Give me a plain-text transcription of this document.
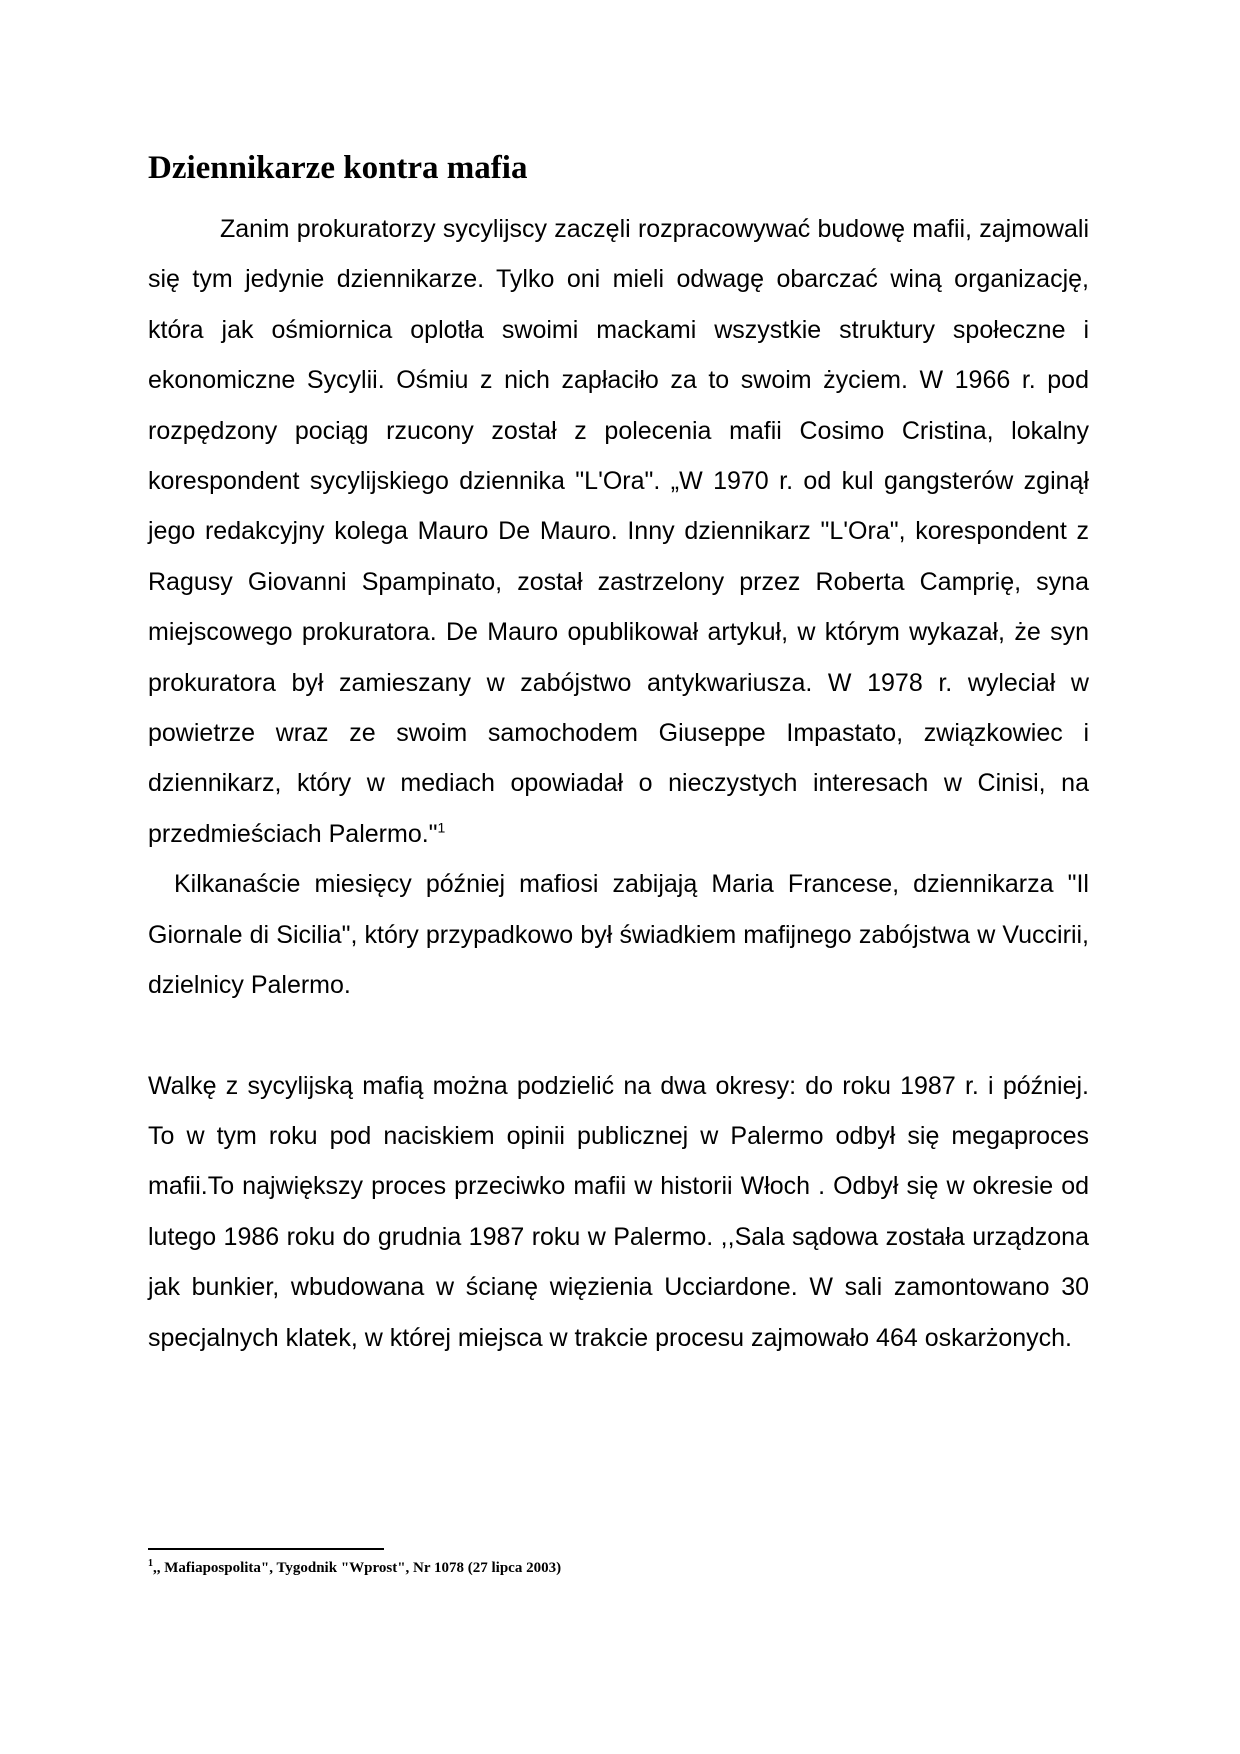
Dziennikarze kontra mafia

Zanim prokuratorzy sycylijscy zaczęli rozpracowywać budowę mafii, zajmowali się tym jedynie dziennikarze. Tylko oni mieli odwagę obarczać winą organizację, która jak ośmiornica oplotła swoimi mackami wszystkie struktury społeczne i ekonomiczne Sycylii. Ośmiu z nich zapłaciło za to swoim życiem. W 1966 r. pod rozpędzony pociąg rzucony został z polecenia mafii Cosimo Cristina, lokalny korespondent sycylijskiego dziennika "L'Ora". „W 1970 r. od kul gangsterów zginął jego redakcyjny kolega Mauro De Mauro. Inny dziennikarz "L'Ora", korespondent z Ragusy Giovanni Spampinato, został zastrzelony przez Roberta Camprię, syna miejscowego prokuratora. De Mauro opublikował artykuł, w którym wykazał, że syn prokuratora był zamieszany w zabójstwo antykwariusza. W 1978 r. wyleciał w powietrze wraz ze swoim samochodem Giuseppe Impastato, związkowiec i dziennikarz, który w mediach opowiadał o nieczystych interesach w Cinisi, na przedmieściach Palermo."$^1$

Kilkanaście miesięcy później mafiosi zabijają Maria Francese, dziennikarza "Il Giornale di Sicilia", który przypadkowo był świadkiem mafijnego zabójstwa w Vuccirii, dzielnicy Palermo.

Walkę z sycylijską mafią można podzielić na dwa okresy: do roku 1987 r. i później. To w tym roku pod naciskiem opinii publicznej w Palermo odbył się megaproces mafii.To największy proces przeciwko mafii w historii Włoch . Odbył się w okresie od lutego 1986 roku do grudnia 1987 roku w Palermo. ,,Sala sądowa została urządzona jak bunkier, wbudowana w ścianę więzienia Ucciardone. W sali zamontowano 30 specjalnych klatek, w której miejsca w trakcie procesu zajmowało 464 oskarżonych.

$^1$,, Mafiapospolita", Tygodnik "Wprost", Nr 1078 (27 lipca 2003)
